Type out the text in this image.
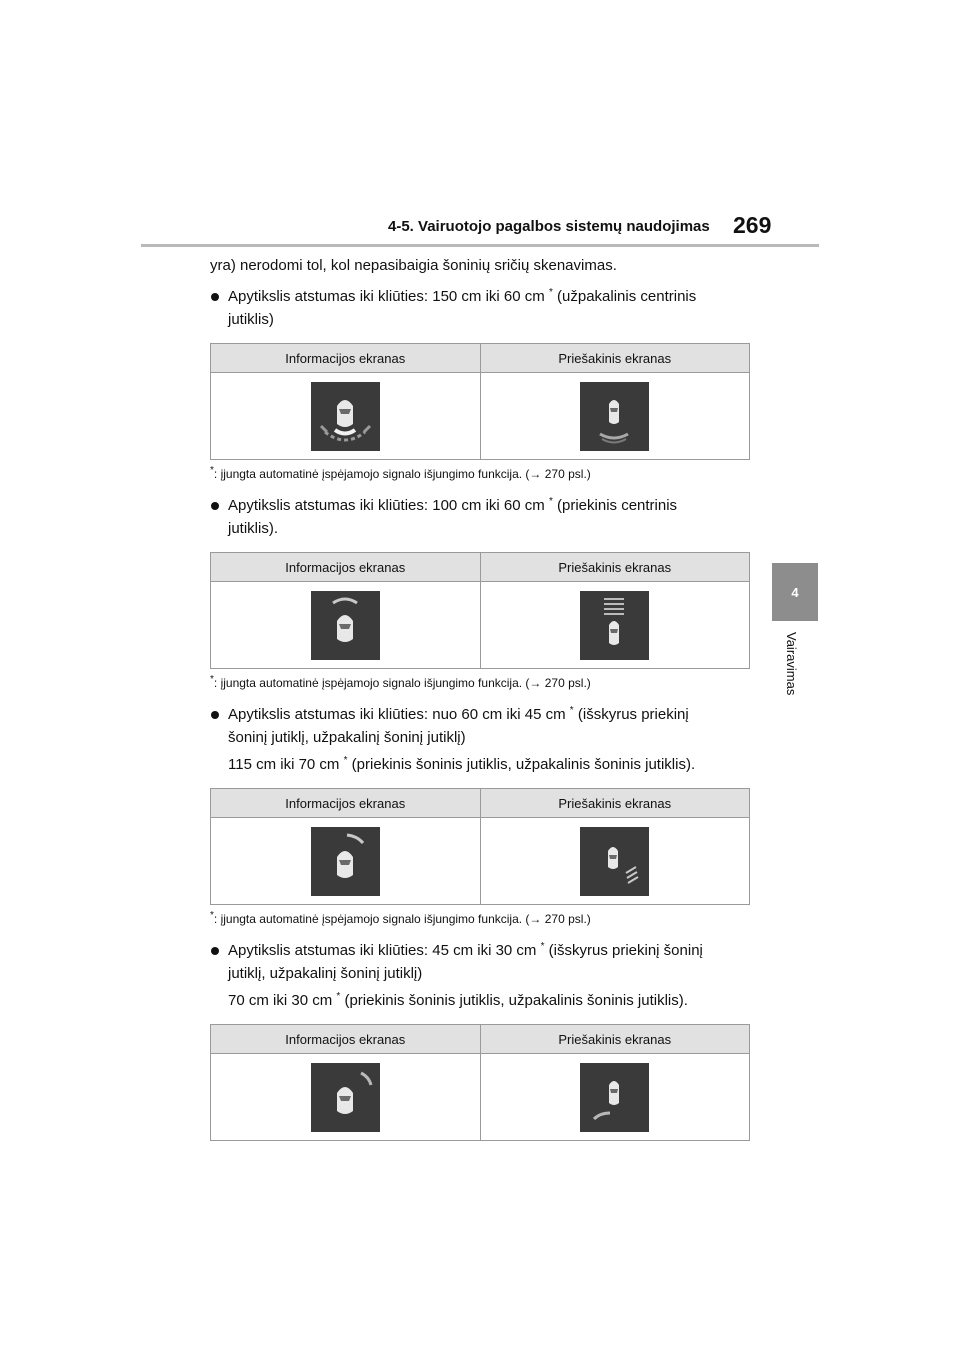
4-5. Vairuotojo pagalbos sistemų naudojimas 269
4
Vairavimas

yra) nerodomi tol, kol nepasibaigia šoninių sričių skenavimas.

Apytikslis atstumas iki kliūties: 150 cm iki 60 cm * (užpakalinis centrinis
jutiklis)

Informacijos ekranas	Priešakinis ekranas

*: įjungta automatinė įspėjamojo signalo išjungimo funkcija. (→ 270 psl.)

Apytikslis atstumas iki kliūties: 100 cm iki 60 cm * (priekinis centrinis
jutiklis).

Informacijos ekranas	Priešakinis ekranas

*: įjungta automatinė įspėjamojo signalo išjungimo funkcija. (→ 270 psl.)

Apytikslis atstumas iki kliūties: nuo 60 cm iki 45 cm * (išskyrus priekinį
šoninį jutiklį, užpakalinį šoninį jutiklį)

115 cm iki 70 cm * (priekinis šoninis jutiklis, užpakalinis šoninis jutiklis).

Informacijos ekranas	Priešakinis ekranas

*: įjungta automatinė įspėjamojo signalo išjungimo funkcija. (→ 270 psl.)

Apytikslis atstumas iki kliūties: 45 cm iki 30 cm * (išskyrus priekinį šoninį
jutiklį, užpakalinį šoninį jutiklį)

70 cm iki 30 cm * (priekinis šoninis jutiklis, užpakalinis šoninis jutiklis).

Informacijos ekranas	Priešakinis ekranas
